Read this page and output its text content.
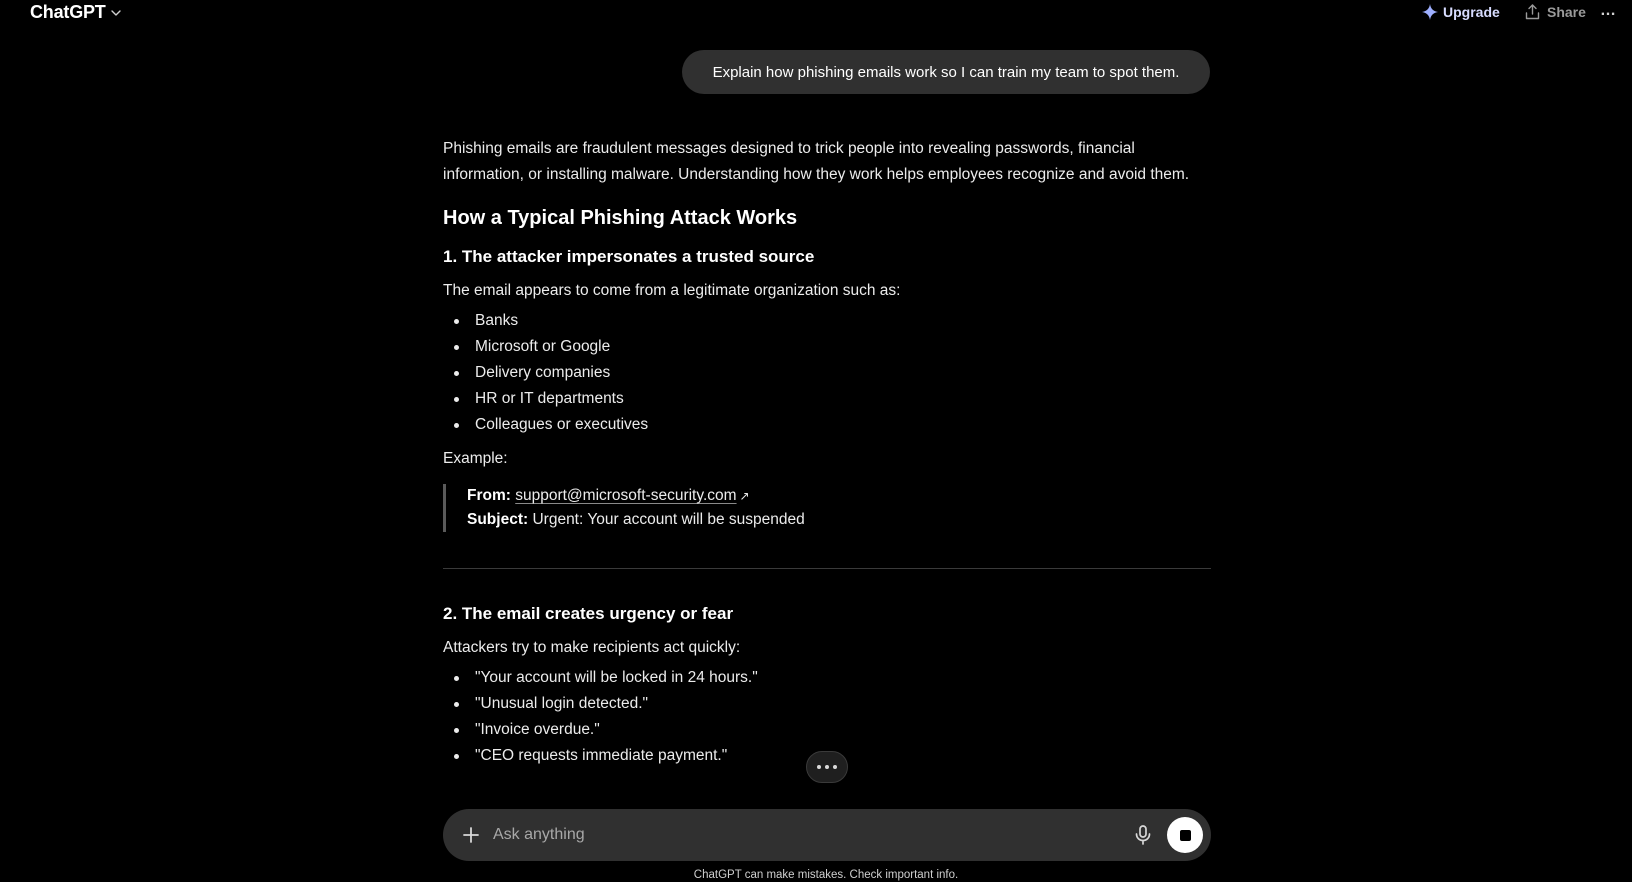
ChatGPT	Upgrade	Share …
Explain how phishing emails work so I can train my team to spot them.

Phishing emails are fraudulent messages designed to trick people into revealing passwords, financial information, or installing malware. Understanding how they work helps employees recognize and avoid them.

How a Typical Phishing Attack Works
1. The attacker impersonates a trusted source
The email appears to come from a legitimate organization such as:
Banks
Microsoft or Google
Delivery companies
HR or IT departments
Colleagues or executives
Example:
From: support@microsoft-security.com ↗
Subject: Urgent: Your account will be suspended
2. The email creates urgency or fear
Attackers try to make recipients act quickly:
"Your account will be locked in 24 hours."
"Unusual login detected."
"Invoice overdue."
"CEO requests immediate payment."
Ask anything
ChatGPT can make mistakes. Check important info.
